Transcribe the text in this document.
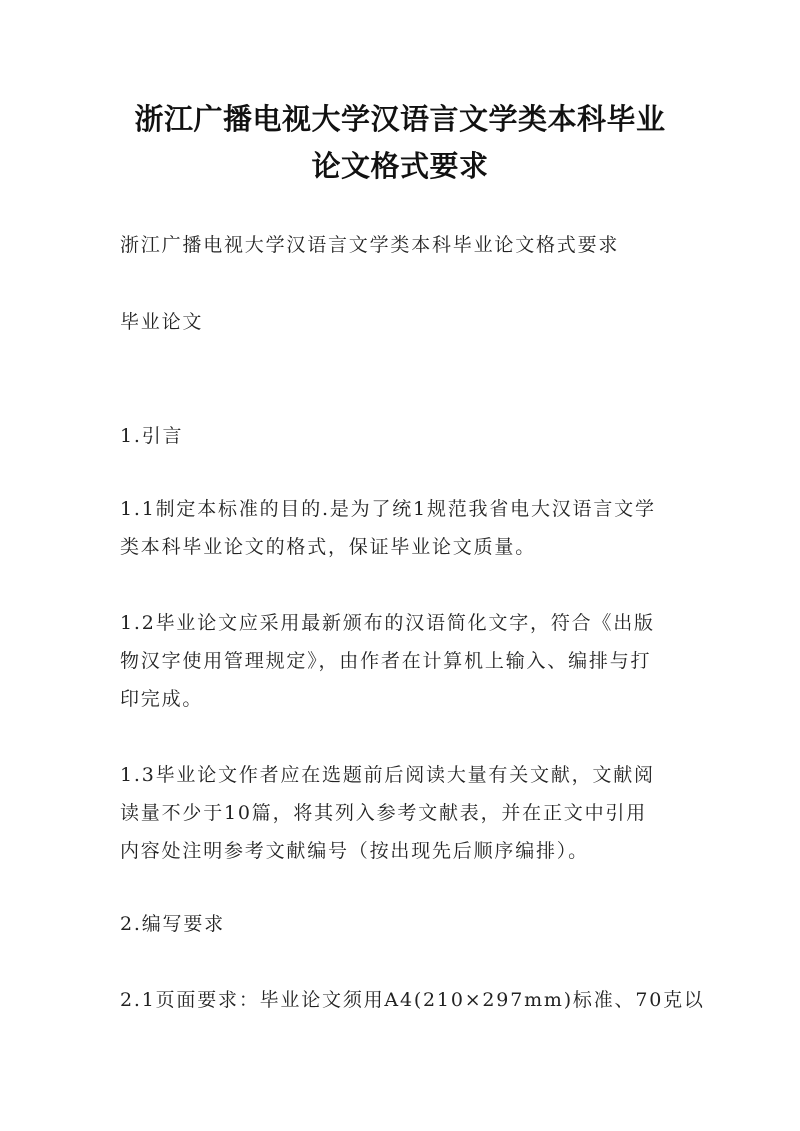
浙江广播电视大学汉语言文学类本科毕业
论文格式要求
浙江广播电视大学汉语言文学类本科毕业论文格式要求
毕业论文
1.引言
1.1制定本标准的目的.是为了统1规范我省电大汉语言文学
类本科毕业论文的格式，保证毕业论文质量。
1.2毕业论文应采用最新颁布的汉语简化文字，符合《出版
物汉字使用管理规定》，由作者在计算机上输入、编排与打
印完成。
1.3毕业论文作者应在选题前后阅读大量有关文献，文献阅
读量不少于10篇，将其列入参考文献表，并在正文中引用
内容处注明参考文献编号（按出现先后顺序编排）。
2.编写要求
2.1页面要求：毕业论文须用A4(210×297mm)标准、70克以
